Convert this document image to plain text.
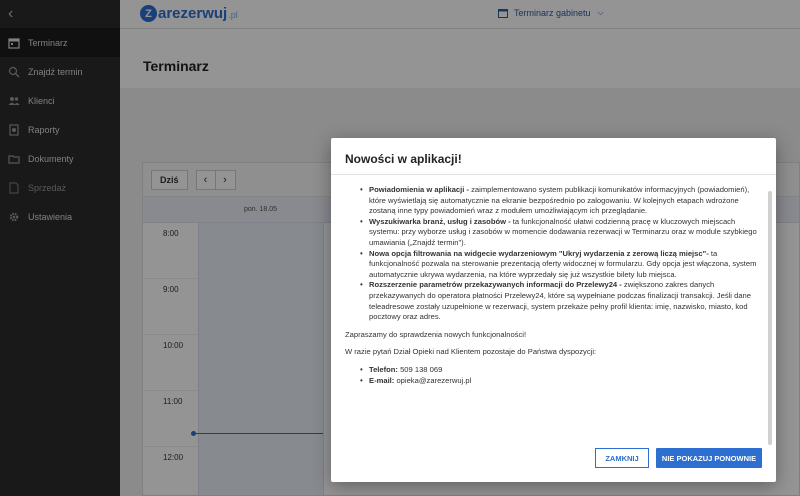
‹
Terminarz
Znajdź termin
Klienci
Raporty
Dokumenty
Sprzedaż
Ustawienia
Z arezerwuj .pl	Terminarz gabinetu ⌵
Terminarz
Dziś	‹ ›
pon. 18.05
8:00
9:00
10:00
11:00
12:00
Nowości w aplikacji!
• Powiadomienia w aplikacji - zaimplementowano system publikacji komunikatów informacyjnych (powiadomień), które wyświetlają się automatycznie na ekranie bezpośrednio po zalogowaniu. W kolejnych etapach wdrożone zostaną inne typy powiadomień wraz z modułem umożliwiającym ich przeglądanie.
• Wyszukiwarka branż, usług i zasobów - ta funkcjonalność ułatwi codzienną pracę w kluczowych miejscach systemu: przy wyborze usług i zasobów w momencie dodawania rezerwacji w Terminarzu oraz w module szybkiego umawiania („Znajdź termin").
• Nowa opcja filtrowania na widgecie wydarzeniowym "Ukryj wydarzenia z zerową liczą miejsc"- ta funkcjonalność pozwala na sterowanie prezentacją oferty widocznej w formularzu. Gdy opcja jest włączona, system automatycznie ukrywa wydarzenia, na które wyprzedały się już wszystkie bilety lub miejsca.
• Rozszerzenie parametrów przekazywanych informacji do Przelewy24 - zwiększono zakres danych przekazywanych do operatora płatności Przelewy24, które są wypełniane podczas finalizacji transakcji. Jeśli dane teleadresowe zostały uzupełnione w rezerwacji, system przekaże pełny profil klienta: imię, nazwisko, miasto, kod pocztowy oraz adres.

Zapraszamy do sprawdzenia nowych funkcjonalności!

W razie pytań Dział Opieki nad Klientem pozostaje do Państwa dyspozycji:

• Telefon: 509 138 069
• E-mail: opieka@zarezerwuj.pl
ZAMKNIJ	NIE POKAZUJ PONOWNIE
